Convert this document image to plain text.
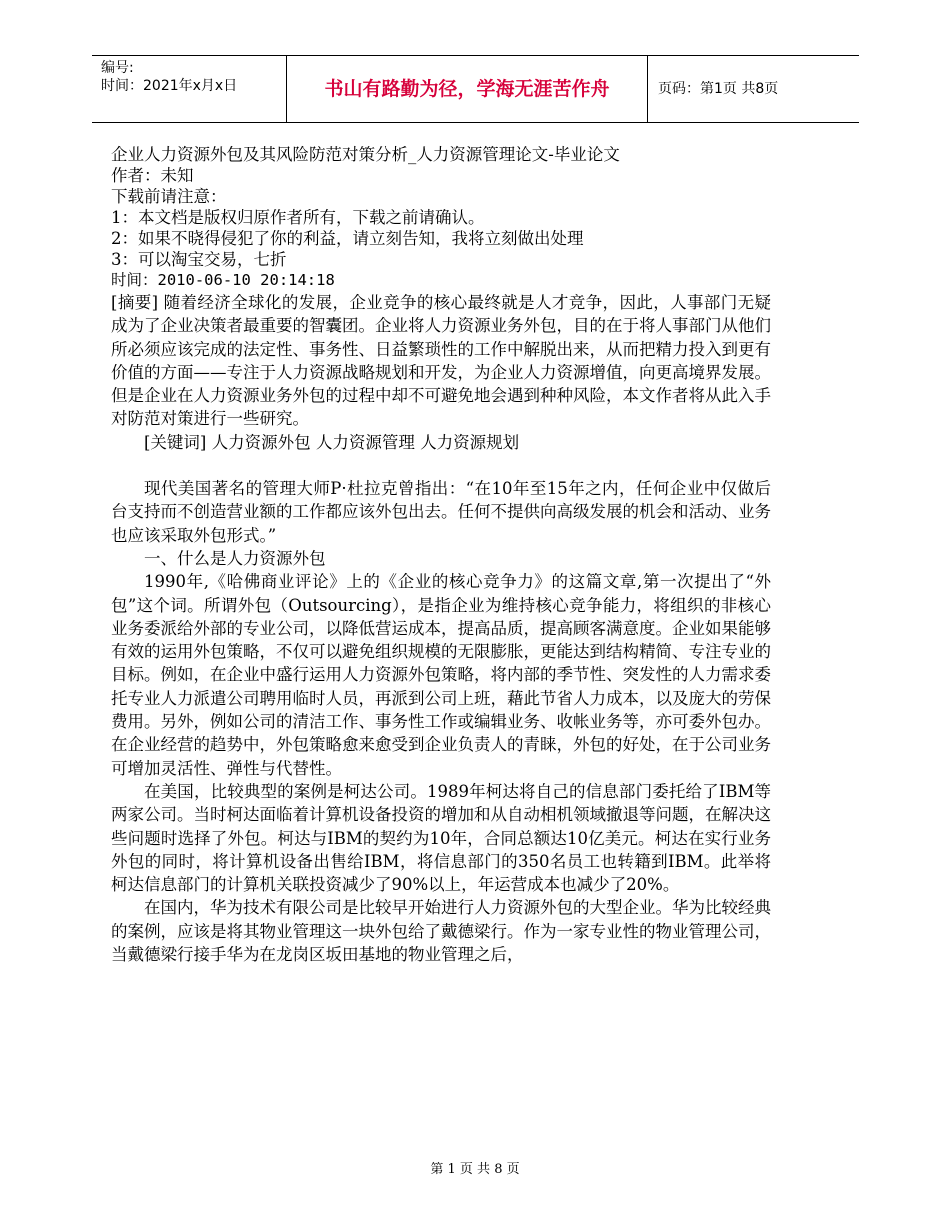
编号:
时间：2021年x月x日	书山有路勤为径，学海无涯苦作舟	页码：第1页 共8页
企业人力资源外包及其风险防范对策分析_人力资源管理论文-毕业论文
作者：未知
下载前请注意：
1：本文档是版权归原作者所有，下载之前请确认。
2：如果不晓得侵犯了你的利益，请立刻告知，我将立刻做出处理
3：可以淘宝交易，七折
时间：2010-06-10 20:14:18

[摘要] 随着经济全球化的发展，企业竞争的核心最终就是人才竞争，因此，人事部门无疑成为了企业决策者最重要的智囊团。企业将人力资源业务外包，目的在于将人事部门从他们所必须应该完成的法定性、事务性、日益繁琐性的工作中解脱出来，从而把精力投入到更有价值的方面——专注于人力资源战略规划和开发，为企业人力资源增值，向更高境界发展。但是企业在人力资源业务外包的过程中却不可避免地会遇到种种风险，本文作者将从此入手对防范对策进行一些研究。

[关键词] 人力资源外包 人力资源管理 人力资源规划

现代美国著名的管理大师P·杜拉克曾指出：“在10年至15年之内，任何企业中仅做后台支持而不创造营业额的工作都应该外包出去。任何不提供向高级发展的机会和活动、业务也应该采取外包形式。”

一、什么是人力资源外包

1990年,《哈佛商业评论》上的《企业的核心竞争力》的这篇文章,第一次提出了“外包”这个词。所谓外包（Outsourcing），是指企业为维持核心竞争能力，将组织的非核心业务委派给外部的专业公司，以降低营运成本，提高品质，提高顾客满意度。企业如果能够有效的运用外包策略，不仅可以避免组织规模的无限膨胀，更能达到结构精简、专注专业的目标。例如，在企业中盛行运用人力资源外包策略，将内部的季节性、突发性的人力需求委托专业人力派遣公司聘用临时人员，再派到公司上班，藉此节省人力成本，以及庞大的劳保费用。另外，例如公司的清洁工作、事务性工作或编辑业务、收帐业务等，亦可委外包办。在企业经营的趋势中，外包策略愈来愈受到企业负责人的青睐，外包的好处，在于公司业务可增加灵活性、弹性与代替性。

在美国，比较典型的案例是柯达公司。1989年柯达将自己的信息部门委托给了IBM等两家公司。当时柯达面临着计算机设备投资的增加和从自动相机领域撤退等问题，在解决这些问题时选择了外包。柯达与IBM的契约为10年，合同总额达10亿美元。柯达在实行业务外包的同时，将计算机设备出售给IBM，将信息部门的350名员工也转籍到IBM。此举将柯达信息部门的计算机关联投资减少了90%以上，年运营成本也减少了20%。

在国内，华为技术有限公司是比较早开始进行人力资源外包的大型企业。华为比较经典的案例，应该是将其物业管理这一块外包给了戴德梁行。作为一家专业性的物业管理公司，当戴德梁行接手华为在龙岗区坂田基地的物业管理之后，

第 1 页 共 8 页
